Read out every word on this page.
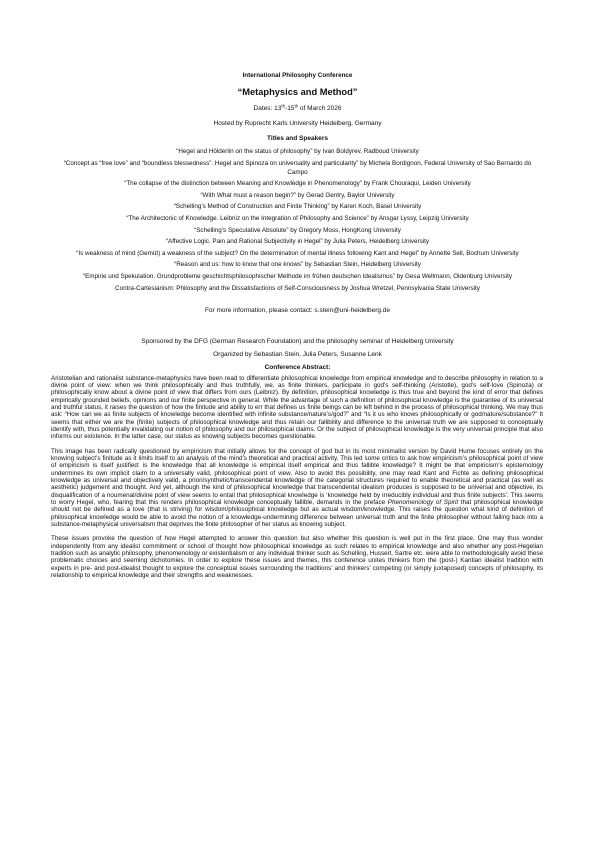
International Philosophy Conference
“Metaphysics and Method”
Dates: 13th-15th of March 2026
Hosted by Ruprecht Karls University Heidelberg, Germany
Titles and Speakers
“Hegel and Hölderlin on the status of philosophy” by Ivan Boldyrev, Radboud University
“Concept as “free love” and “boundless blessedness”. Hegel and Spinoza on universality and particularity” by Michela Bordignon, Federal University of Sao Bernardo do Campo
“The collapse of the distinction between Meaning and Knowledge in Phenomenology” by Frank Chouraqui, Leiden University
“With What must a reason begin?” by Gerad Gentry, Baylor University
“Schelling’s Method of Construction and Finite Thinking” by Karen Koch, Basel University
“The Architectonic of Knowledge. Leibniz on the Integration of Philosophy and Science” by Ansgar Lyssy, Leipzig University
“Schelling’s Speculative Absolute” by Gregory Moss, HongKong University
“Affective Logic. Pain and Rational Subjectivity in Hegel” by Julia Peters, Heidelberg University
“Is weakness of mind (Gemüt) a weakness of the subject? On the determination of mental illness following Kant and Hegel” by Annette Sell, Bochum University
“Reason and us: how to know that one knows” by Sebastian Stein, Heidelberg University
“Empirie und Spekulation. Grundprobleme geschichtsphilosophischer Methode im frühen deutschen Idealismus” by Gesa Wellmann, Oldenburg University
Contra-Cartesianism: Philosophy and the Dissatisfactions of Self-Consciousness by Joshua Wretzel, Pennsylvania State University
For more information, please contact: s.stein@uni-heidelberg.de
Sponsored by the DFG (German Research Foundation) and the philosophy seminar of Heidelberg University
Organized by Sebastian Stein, Julia Peters, Susanne Lenk
Conference Abstract:

Aristotelian and rationalist substance-metaphysics have been read to differentiate philosophical knowledge from empirical knowledge and to describe philosophy in relation to a divine point of view: when we think philosophically and thus truthfully, we, as finite thinkers, participate in god’s self-thinking (Aristotle), god’s self-love (Spinoza) or philosophically know about a divine point of view that differs from ours (Leibniz). By definition, philosophical knowledge is thus true and beyond the kind of error that defines empirically grounded beliefs, opinions and our finite perspective in general. While the advantage of such a definition of philosophical knowledge is the guarantee of its universal and truthful status, it raises the question of how the finitude and ability to err that defines us finite beings can be left behind in the process of philosophical thinking. We may thus ask: “How can we as finite subjects of knowledge become identified with infinite substance/nature’s/god?” and “Is it us who knows philosophically or god/nature/substance?” It seems that either we are the (finite) subjects of philosophical knowledge and thus retain our fallibility and difference to the universal truth we are supposed to conceptually identify with, thus potentially invalidating our notion of philosophy and our philosophical claims. Or the subject of philosophical knowledge is the very universal principle that also informs our existence. In the latter case, our status as knowing subjects becomes questionable.

This image has been radically questioned by empiricism that initially allows for the concept of god but in its most minimalist version by David Hume focuses entirely on the knowing subject’s finitude as it limits itself to an analysis of the mind’s theoretical and practical activity. This led some critics to ask how empiricism’s philosophical point of view of empiricism is itself justified: is the knowledge that all knowledge is empirical itself empirical and thus fallible knowledge? It might be that empiricism’s epistemology undermines its own implicit claim to a universally valid, philosophical point of view. Also to avoid this possibility, one may read Kant and Fichte as defining philosophical knowledge as universal and objectively valid, a priori/synthetic/transcendental knowledge of the categorial structures required to enable theoretical and practical (as well as aesthetic) judgement and thought. And yet, although the kind of philosophical knowledge that transcendental idealism produces is supposed to be universal and objective, its disqualification of a noumenal/divine point of view seems to entail that philosophical knowledge is ‘knowledge held by irreducibly individual and thus finite subjects’. This seems to worry Hegel, who, fearing that this renders philosophical knowledge conceptually fallible, demands in the preface Phenomenology of Spirit that philosophical knowledge should not be defined as a love (that is striving) for wisdom/philosophical knowledge but as actual wisdom/knowledge. This raises the question what kind of definition of philosophical knowledge would be able to avoid the notion of a knowledge-undermining difference between universal truth and the finite philosopher without falling back into a substance-metaphysical universalism that deprives the finite philosopher of her status as knowing subject.

These issues provoke the question of how Hegel attempted to answer this question but also whether this question is well put in the first place. One may thus wonder independently from any idealist commitment or school of thought how philosophical knowledge as such relates to empirical knowledge and also whether any post-Hegelian tradition such as analytic philosophy, phenomenology or existentialism or any individual thinker such as Schelling, Husserl, Sartre etc. were able to methodologically avoid these problematic choices and seeming dichotomies. In order to explore these issues and themes, this conference unites thinkers from the (post-) Kantian idealist tradition with experts in pre- and post-idealist thought to explore the conceptual issues surrounding the traditions’ and thinkers’ competing (or simply juxtaposed) concepts of philosophy, its relationship to empirical knowledge and their strengths and weaknesses.
